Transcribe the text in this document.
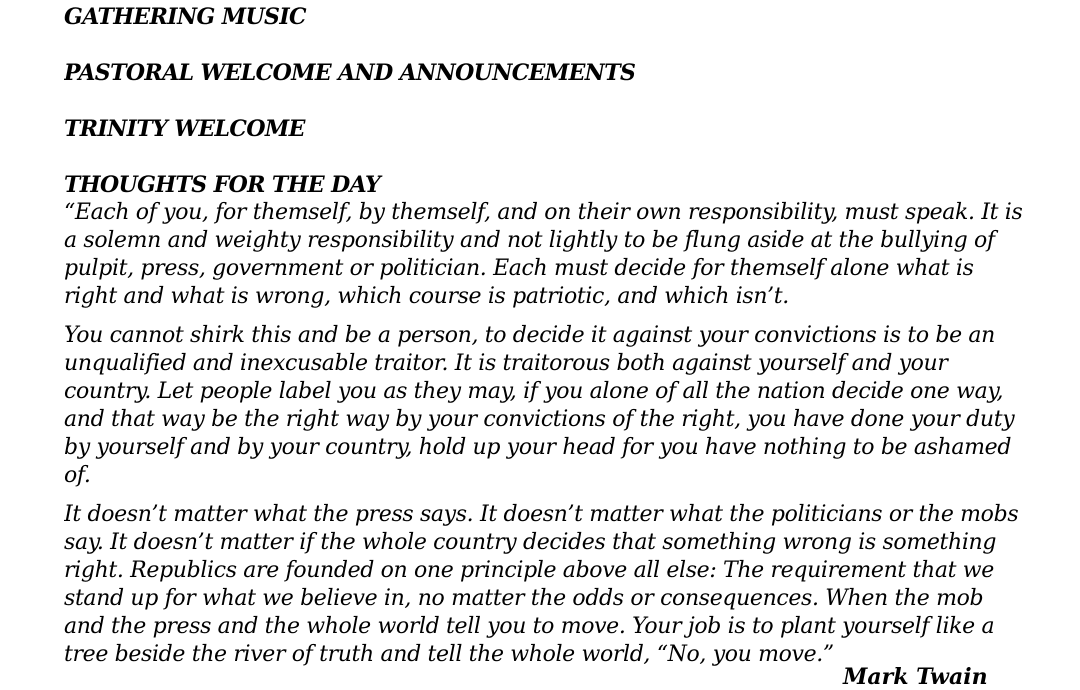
GATHERING MUSIC
PASTORAL WELCOME AND ANNOUNCEMENTS
TRINITY WELCOME
THOUGHTS FOR THE DAY

“Each of you, for themself, by themself, and on their own responsibility, must speak. It is a solemn and weighty responsibility and not lightly to be flung aside at the bullying of pulpit, press, government or politician. Each must decide for themself alone what is right and what is wrong, which course is patriotic, and which isn’t.

You cannot shirk this and be a person, to decide it against your convictions is to be an unqualified and inexcusable traitor. It is traitorous both against yourself and your country. Let people label you as they may, if you alone of all the nation decide one way, and that way be the right way by your convictions of the right, you have done your duty by yourself and by your country, hold up your head for you have nothing to be ashamed of.

It doesn’t matter what the press says. It doesn’t matter what the politicians or the mobs say. It doesn’t matter if the whole country decides that something wrong is something right. Republics are founded on one principle above all else: The requirement that we stand up for what we believe in, no matter the odds or consequences. When the mob and the press and the whole world tell you to move. Your job is to plant yourself like a tree beside the river of truth and tell the whole world, “No, you move.”

Mark Twain
